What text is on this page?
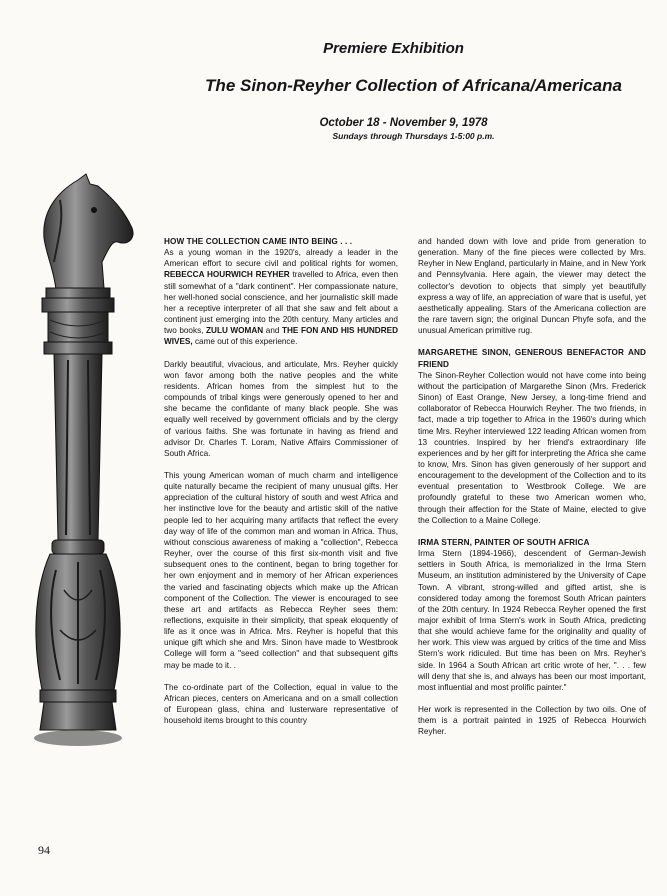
Premiere Exhibition
The Sinon-Reyher Collection of Africana/Americana
October 18 - November 9, 1978
Sundays through Thursdays 1-5:00 p.m.
HOW THE COLLECTION CAME INTO BEING . . .

As a young woman in the 1920's, already a leader in the American effort to secure civil and political rights for women, REBECCA HOURWICH REYHER travelled to Africa, even then still somewhat of a "dark continent". Her compassionate nature, her well-honed social conscience, and her journalistic skill made her a receptive interpreter of all that she saw and felt about a continent just emerging into the 20th century. Many articles and two books, ZULU WOMAN and THE FON AND HIS HUNDRED WIVES, came out of this experience.

Darkly beautiful, vivacious, and articulate, Mrs. Reyher quickly won favor among both the native peoples and the white residents. African homes from the simplest hut to the compounds of tribal kings were generously opened to her and she became the confidante of many black people. She was equally well received by government officials and by the clergy of various faiths. She was fortunate in having as friend and advisor Dr. Charles T. Loram, Native Affairs Commissioner of South Africa.

This young American woman of much charm and intelligence quite naturally became the recipient of many unusual gifts. Her appreciation of the cultural history of south and west Africa and her instinctive love for the beauty and artistic skill of the native people led to her acquiring many artifacts that reflect the every day way of life of the common man and woman in Africa. Thus, without conscious awareness of making a "collection", Rebecca Reyher, over the course of this first six-month visit and five subsequent ones to the continent, began to bring together for her own enjoyment and in memory of her African experiences the varied and fascinating objects which make up the African component of the Collection. The viewer is encouraged to see these art and artifacts as Rebecca Reyher sees them: reflections, exquisite in their simplicity, that speak eloquently of life as it once was in Africa. Mrs. Reyher is hopeful that this unique gift which she and Mrs. Sinon have made to Westbrook College will form a "seed collection" and that subsequent gifts may be made to it. .

The co-ordinate part of the Collection, equal in value to the African pieces, centers on Americana and on a small collection of European glass, china and lusterware representative of household items brought to this country

and handed down with love and pride from generation to generation. Many of the fine pieces were collected by Mrs. Reyher in New England, particularly in Maine, and in New York and Pennsylvania. Here again, the viewer may detect the collector's devotion to objects that simply yet beautifully express a way of life, an appreciation of ware that is useful, yet aesthetically appealing. Stars of the Americana collection are the rare tavern sign; the original Duncan Phyfe sofa, and the unusual American primitive rug.

MARGARETHE SINON, GENEROUS BENEFACTOR AND FRIEND

The Sinon-Reyher Collection would not have come into being without the participation of Margarethe Sinon (Mrs. Frederick Sinon) of East Orange, New Jersey, a long-time friend and collaborator of Rebecca Hourwich Reyher. The two friends, in fact, made a trip together to Africa in the 1960's during which time Mrs. Reyher interviewed 122 leading African women from 13 countries. Inspired by her friend's extraordinary life experiences and by her gift for interpreting the Africa she came to know, Mrs. Sinon has given generously of her support and encouragement to the development of the Collection and to its eventual presentation to Westbrook College. We are profoundly grateful to these two American women who, through their affection for the State of Maine, elected to give the Collection to a Maine College.

IRMA STERN, PAINTER OF SOUTH AFRICA

Irma Stern (1894-1966), descendent of German-Jewish settlers in South Africa, is memorialized in the Irma Stern Museum, an institution administered by the University of Cape Town. A vibrant, strong-willed and gifted artist, she is considered today among the foremost South African painters of the 20th century. In 1924 Rebecca Reyher opened the first major exhibit of Irma Stern's work in South Africa, predicting that she would achieve fame for the originality and quality of her work. This view was argued by critics of the time and Miss Stern's work ridiculed. But time has been on Mrs. Reyher's side. In 1964 a South African art critic wrote of her, ". . . few will deny that she is, and always has been our most important, most influential and most prolific painter."

Her work is represented in the Collection by two oils. One of them is a portrait painted in 1925 of Rebecca Hourwich Reyher.

94
